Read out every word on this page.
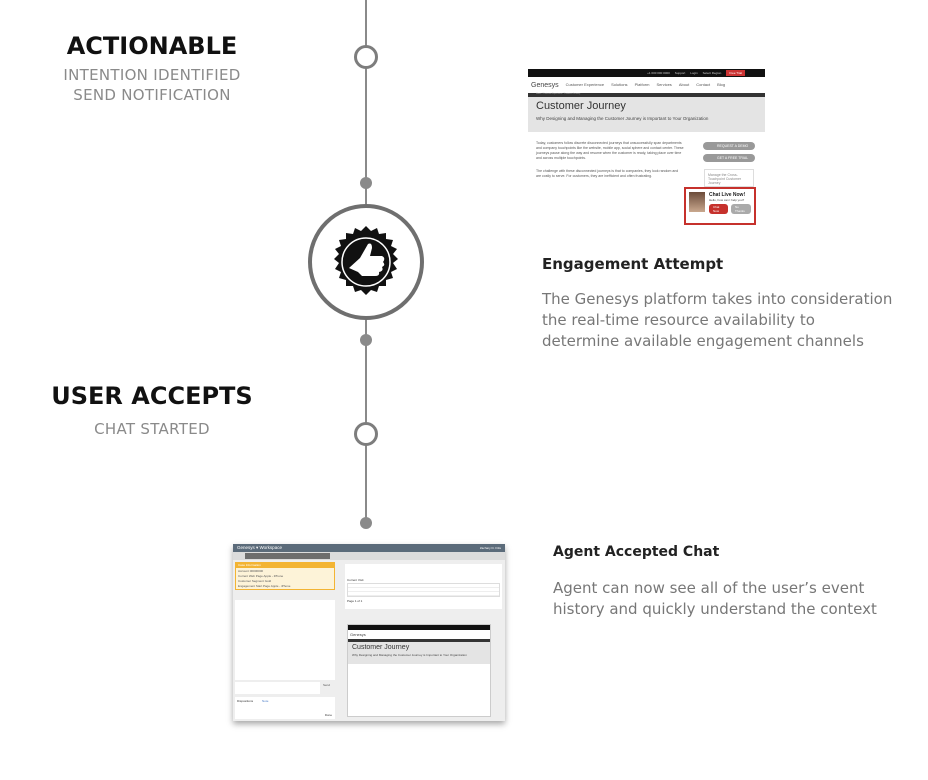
ACTIONABLE
INTENTION IDENTIFIED
SEND NOTIFICATION
USER ACCEPTS
CHAT STARTED
Engagement Attempt
The Genesys platform takes into consideration
the real-time resource availability to
determine available engagement channels
Agent Accepted Chat
Agent can now see all of the user’s event
history and quickly understand the context
+1 000 000 0000 Support Login Select Region	Free Trial
Genesys Customer Experience Solutions Platform Services About Contact Blog
Home / Customer Experience / Customer Journey
Customer Journey
Why Designing and Managing the Customer Journey is Important to Your Organization
Today, customers follow discrete disconnected journeys that unsuccessfully span departments and company touchpoints like the website, mobile app, social sphere and contact center. These journeys pause along the way and resume when the customer is ready, taking place over time and across multiple touchpoints.
The challenge with these disconnected journeys is that to companies, they look random and are costly to serve. For customers, they are inefficient and often frustrating.
REQUEST A DEMO
GET A FREE TRIAL
Manage the Cross-Touchpoint Customer Journey
Chat Live Now!
Hello, how can I help you?
Chat Now
No Thanks
Genesys ▾ Workspace	Zachary D. Fitts
Case Information
Account 00000000
Current Web Page Apple - iPhone
Customer Segment Gold
Engagement Start Page Apple - iPhone
Send
Dispositions	Note
Done
Current Visit
Page 1 of 1
Genesys
Customer Journey
Why Designing and Managing the Customer Journey is Important to Your Organization
